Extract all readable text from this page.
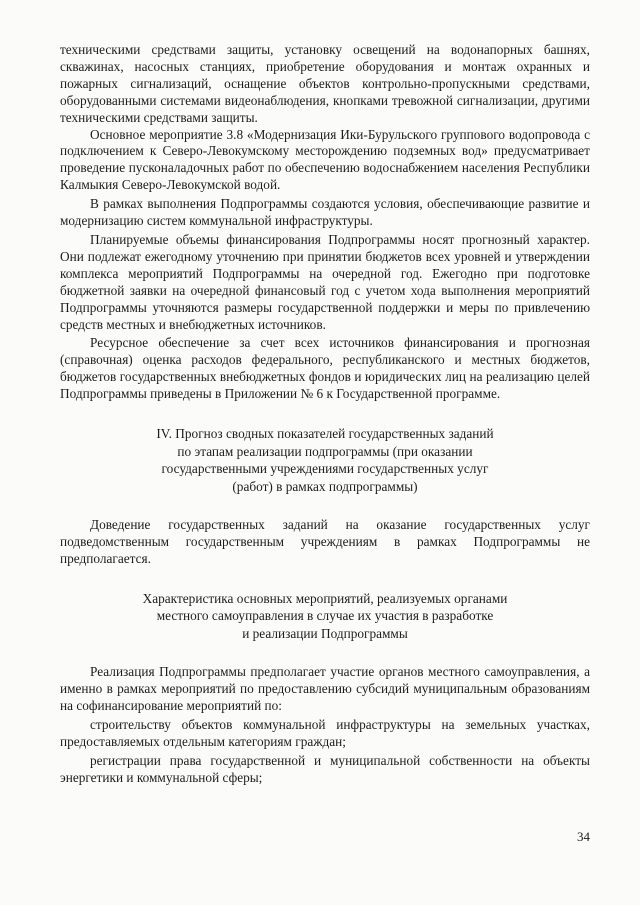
техническими средствами защиты, установку освещений на водонапорных башнях, скважинах, насосных станциях, приобретение оборудования и монтаж охранных и пожарных сигнализаций, оснащение объектов контрольно-пропускными средствами, оборудованными системами видеонаблюдения, кнопками тревожной сигнализации, другими техническими средствами защиты.

Основное мероприятие 3.8 «Модернизация Ики-Бурульского группового водопровода с подключением к Северо-Левокумскому месторождению подземных вод» предусматривает проведение пусконаладочных работ по обеспечению водоснабжением населения Республики Калмыкия Северо-Левокумской водой.

В рамках выполнения Подпрограммы создаются условия, обеспечивающие развитие и модернизацию систем коммунальной инфраструктуры.

Планируемые объемы финансирования Подпрограммы носят прогнозный характер. Они подлежат ежегодному уточнению при принятии бюджетов всех уровней и утверждении комплекса мероприятий Подпрограммы на очередной год. Ежегодно при подготовке бюджетной заявки на очередной финансовый год с учетом хода выполнения мероприятий Подпрограммы уточняются размеры государственной поддержки и меры по привлечению средств местных и внебюджетных источников.

Ресурсное обеспечение за счет всех источников финансирования и прогнозная (справочная) оценка расходов федерального, республиканского и местных бюджетов, бюджетов государственных внебюджетных фондов и юридических лиц на реализацию целей Подпрограммы приведены в Приложении № 6 к Государственной программе.

IV. Прогноз сводных показателей государственных заданий
по этапам реализации подпрограммы (при оказании
государственными учреждениями государственных услуг
(работ) в рамках подпрограммы)

Доведение государственных заданий на оказание государственных услуг подведомственным государственным учреждениям в рамках Подпрограммы не предполагается.

Характеристика основных мероприятий, реализуемых органами
местного самоуправления в случае их участия в разработке
и реализации Подпрограммы

Реализация Подпрограммы предполагает участие органов местного самоуправления, а именно в рамках мероприятий по предоставлению субсидий муниципальным образованиям на софинансирование мероприятий по:

строительству объектов коммунальной инфраструктуры на земельных участках, предоставляемых отдельным категориям граждан;

регистрации права государственной и муниципальной собственности на объекты энергетики и коммунальной сферы;

34
